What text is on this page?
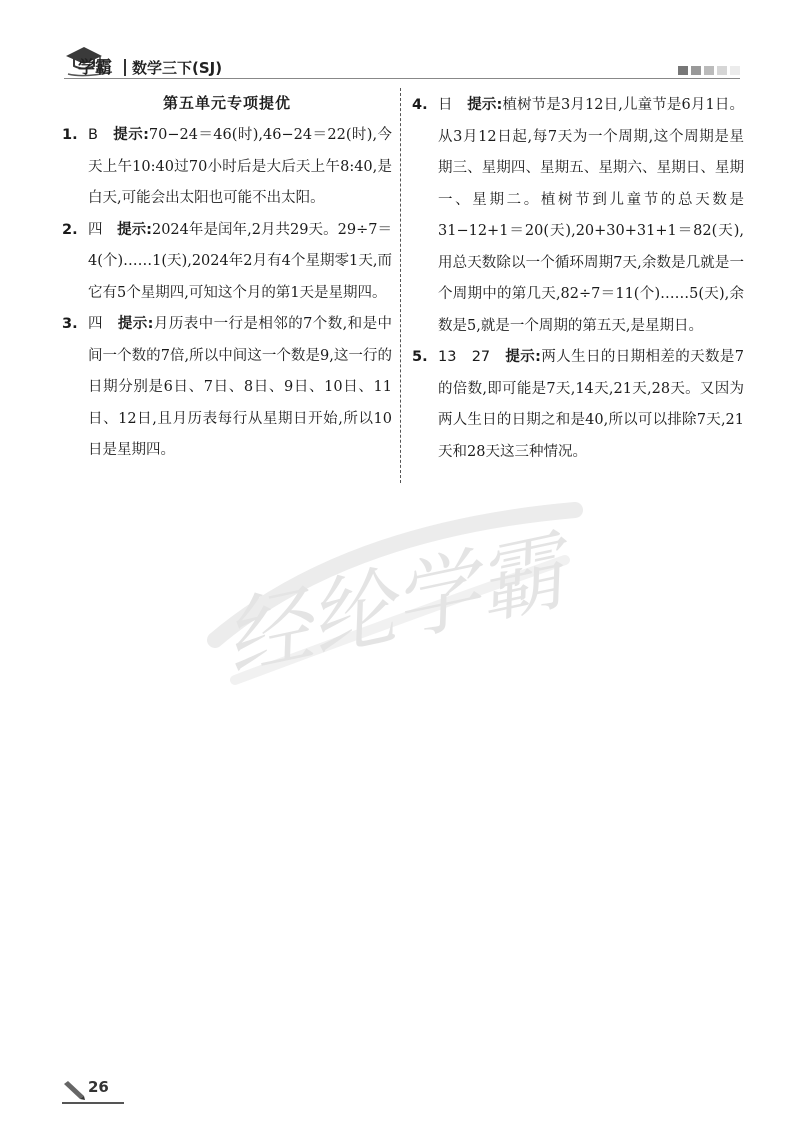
学霸 数学三下(SJ)
经纶学霸
第五单元专项提优
1. B　 提示:70−24＝46(时),46−24＝22(时),今天上午10:40过70小时后是大后天上午8:40,是白天,可能会出太阳也可能不出太阳。
2. 四　 提示:2024年是闰年,2月共29天。29÷7＝4(个)……1(天),2024年2月有4个星期零1天,而它有5个星期四,可知这个月的第1天是星期四。
3. 四　 提示:月历表中一行是相邻的7个数,和是中间一个数的7倍,所以中间这一个数是9,这一行的日期分别是6日、7日、8日、9日、10日、11日、12日,且月历表每行从星期日开始,所以10日是星期四。
4. 日　 提示:植树节是3月12日,儿童节是6月1日。从3月12日起,每7天为一个周期,这个周期是星期三、星期四、星期五、星期六、星期日、星期一、星期二。植树节到儿童节的总天数是31−12+1＝20(天),20+30+31+1＝82(天),用总天数除以一个循环周期7天,余数是几就是一个周期中的第几天,82÷7＝11(个)……5(天),余数是5,就是一个周期的第五天,是星期日。
5. 13　27　 提示:两人生日的日期相差的天数是7的倍数,即可能是7天,14天,21天,28天。又因为两人生日的日期之和是40,所以可以排除7天,21天和28天这三种情况。
26
